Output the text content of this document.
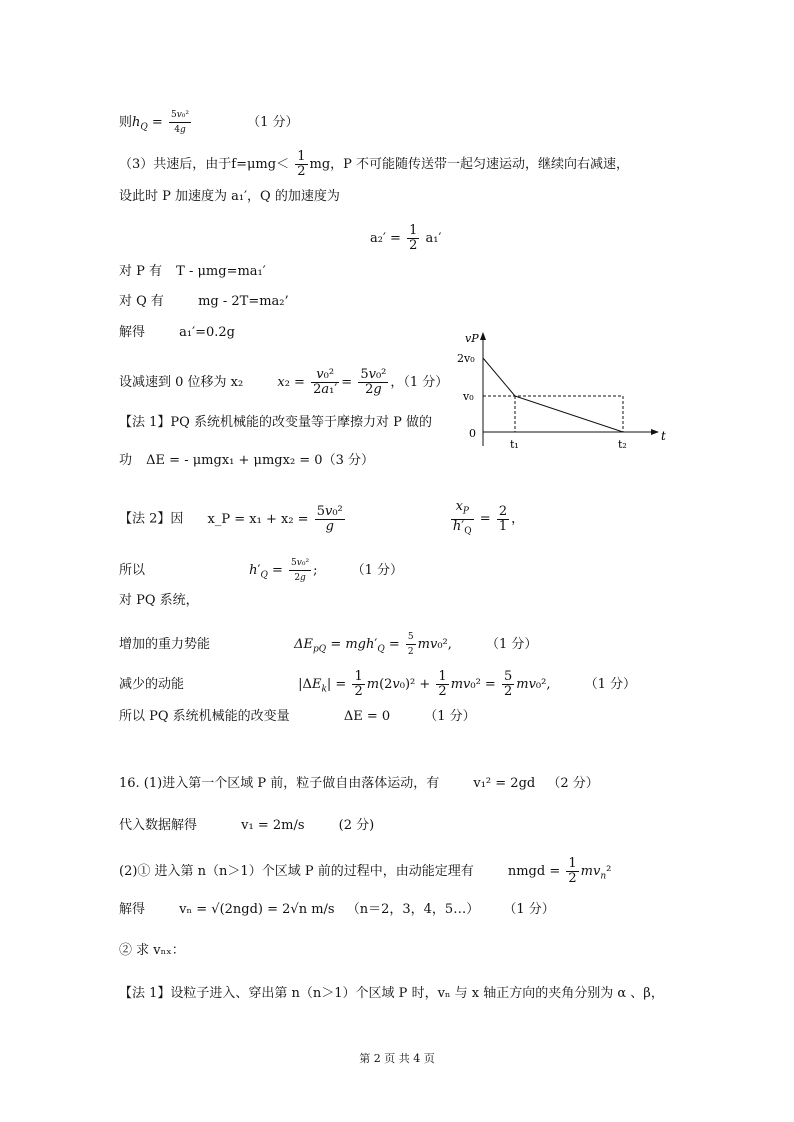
则$h_Q = \frac{\text{5v₀²}}{4g}$	（1 分）
（3）共速后，由于$f=\mu mg< \frac{1}{2}$ mg，P 不可能随传送带一起匀速运动，继续向右减速，
设此时 P 加速度为 a₁′，Q 的加速度为
$a_2' = \frac{1}{2} a_1'$
对 P 有 T - μmg=ma₁′
对 Q 有	mg - 2T=ma₂’
解得	a₁′=0.2g
设减速到 0 位移为 x₂	$x_2 = \frac{\text{v₀²}}{\text{2a₁′}} = \frac{\text{5v₀²}}{2g}$ ，（1 分）
【法 1】PQ 系统机械能的改变量等于摩擦力对 P 做的
功 ΔE = - μmgx₁ + μmgx₂ = 0（3 分）
【法 2】因 x_P = $x_1 + x_2 = \frac{\text{5v₀²}}{g}$
	$\frac{x_P}{h'_Q} = \frac{2}{1}$ ，
所以	$h'_Q = \frac{\text{5v₀²}}{2g}$ ;	（1 分）
对 PQ 系统，
增加的重力势能	$\Delta E_{pQ} = mgh'_Q = \frac{5}{2} mv_0^2$,	（1 分）
减少的动能	$|\Delta E_k| = \frac{1}{2} m(2v_0)^2 + \frac{1}{2} mv_0^2 = \frac{5}{2} mv_0^2$,	（1 分）
所以 PQ 系统机械能的改变量	ΔE = 0	（1 分）
16. (1)进入第一个区域 P 前，粒子做自由落体运动，有	v₁² = 2gd （2 分）
代入数据解得	v₁ = 2m/s	(2 分)
(2)① 进入第 n（n＞1）个区域 P 前的过程中，由动能定理有	nmgd = $\frac{1}{2} mv_n^2$
解得	vₙ = √(2ngd) = 2√n m/s （n＝2，3，4，5…） （1 分）
② 求 vₙₓ：
【法 1】设粒子进入、穿出第 n（n＞1）个区域 P 时，vₙ 与 x 轴正方向的夹角分别为 α 、β，
vP
t
2v₀
v₀
0
t₁	t₂
第 2 页 共 4 页
